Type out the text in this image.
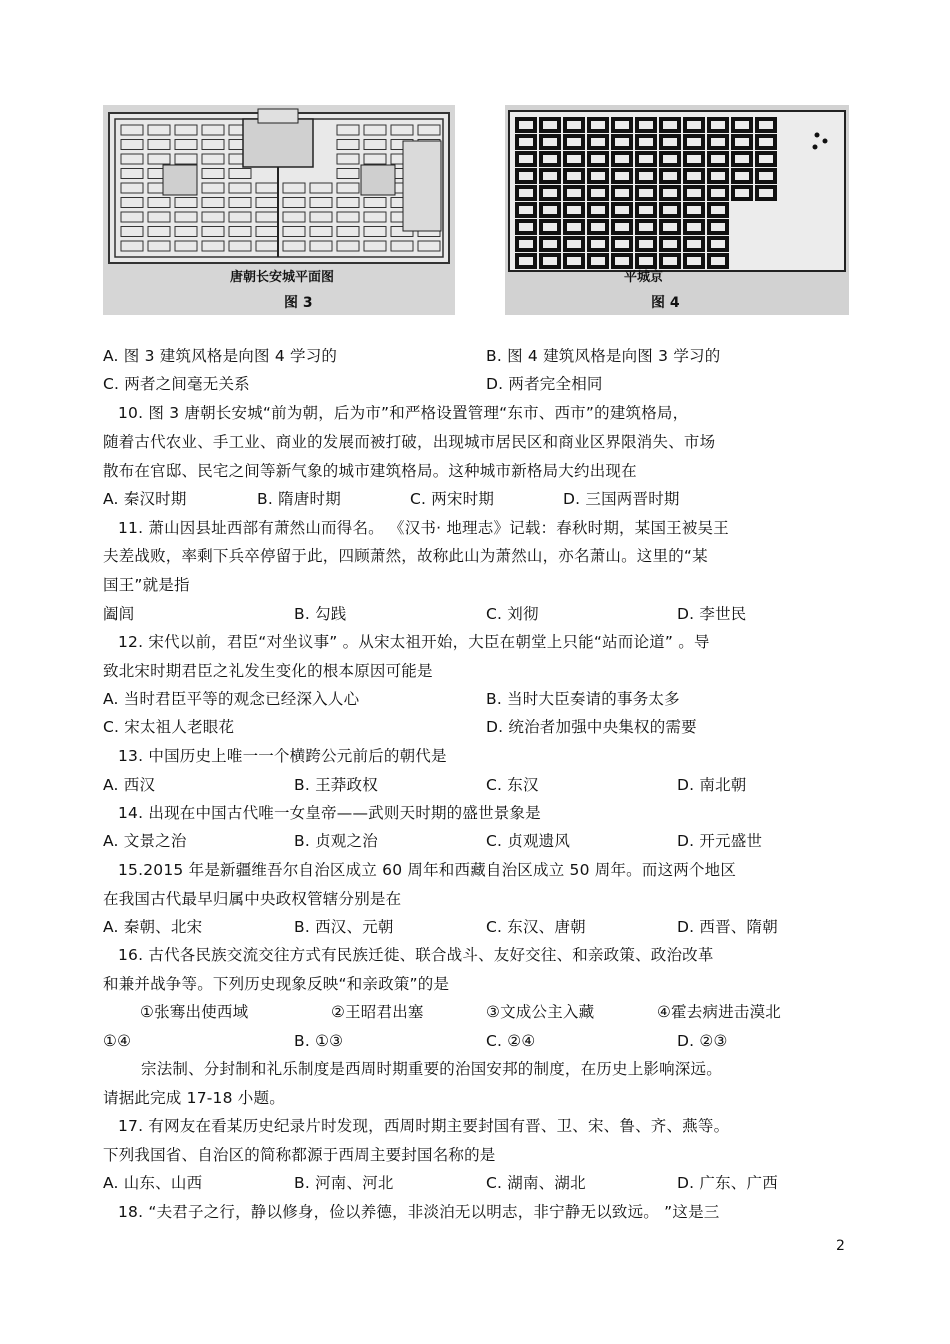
唐朝长安城平面图
图 3
平城京
图 4
A. 图 3 建筑风格是向图 4 学习的	B. 图 4 建筑风格是向图 3 学习的
C. 两者之间毫无关系	D. 两者完全相同
10. 图 3 唐朝长安城“前为朝，后为市”和严格设置管理“东市、西市”的建筑格局，
随着古代农业、手工业、商业的发展而被打破，出现城市居民区和商业区界限消失、市场
散布在官邸、民宅之间等新气象的城市建筑格局。这种城市新格局大约出现在
A. 秦汉时期	B. 隋唐时期	C. 两宋时期	D. 三国两晋时期
11. 萧山因县址西部有萧然山而得名。 《汉书· 地理志》记载：春秋时期，某国王被吴王
夫差战败，率剩下兵卒停留于此，四顾萧然，故称此山为萧然山，亦名萧山。这里的“某
国王”就是指
阖闾	B. 勾践	C. 刘彻	D. 李世民
12. 宋代以前，君臣“对坐议事” 。从宋太祖开始，大臣在朝堂上只能“站而论道” 。导
致北宋时期君臣之礼发生变化的根本原因可能是
A. 当时君臣平等的观念已经深入人心	B. 当时大臣奏请的事务太多
C. 宋太祖人老眼花	D. 统治者加强中央集权的需要
13. 中国历史上唯一一个横跨公元前后的朝代是
A. 西汉	B. 王莽政权	C. 东汉	D. 南北朝
14. 出现在中国古代唯一女皇帝——武则天时期的盛世景象是
A. 文景之治	B. 贞观之治	C. 贞观遗风	D. 开元盛世
15.2015 年是新疆维吾尔自治区成立 60 周年和西藏自治区成立 50 周年。而这两个地区
在我国古代最早归属中央政权管辖分别是在
A. 秦朝、北宋	B. 西汉、元朝	C. 东汉、唐朝	D. 西晋、隋朝
16. 古代各民族交流交往方式有民族迁徙、联合战斗、友好交往、和亲政策、政治改革
和兼并战争等。下列历史现象反映“和亲政策”的是
①张骞出使西域	②王昭君出塞	③文成公主入藏	④霍去病进击漠北
①④	B. ①③	C. ②④	D. ②③
宗法制、分封制和礼乐制度是西周时期重要的治国安邦的制度，在历史上影响深远。
请据此完成 17-18 小题。
17. 有网友在看某历史纪录片时发现，西周时期主要封国有晋、卫、宋、鲁、齐、燕等。
下列我国省、自治区的简称都源于西周主要封国名称的是
A. 山东、山西	B. 河南、河北	C. 湖南、湖北	D. 广东、广西
18. “夫君子之行，静以修身，俭以养德，非淡泊无以明志，非宁静无以致远。 ”这是三
2
